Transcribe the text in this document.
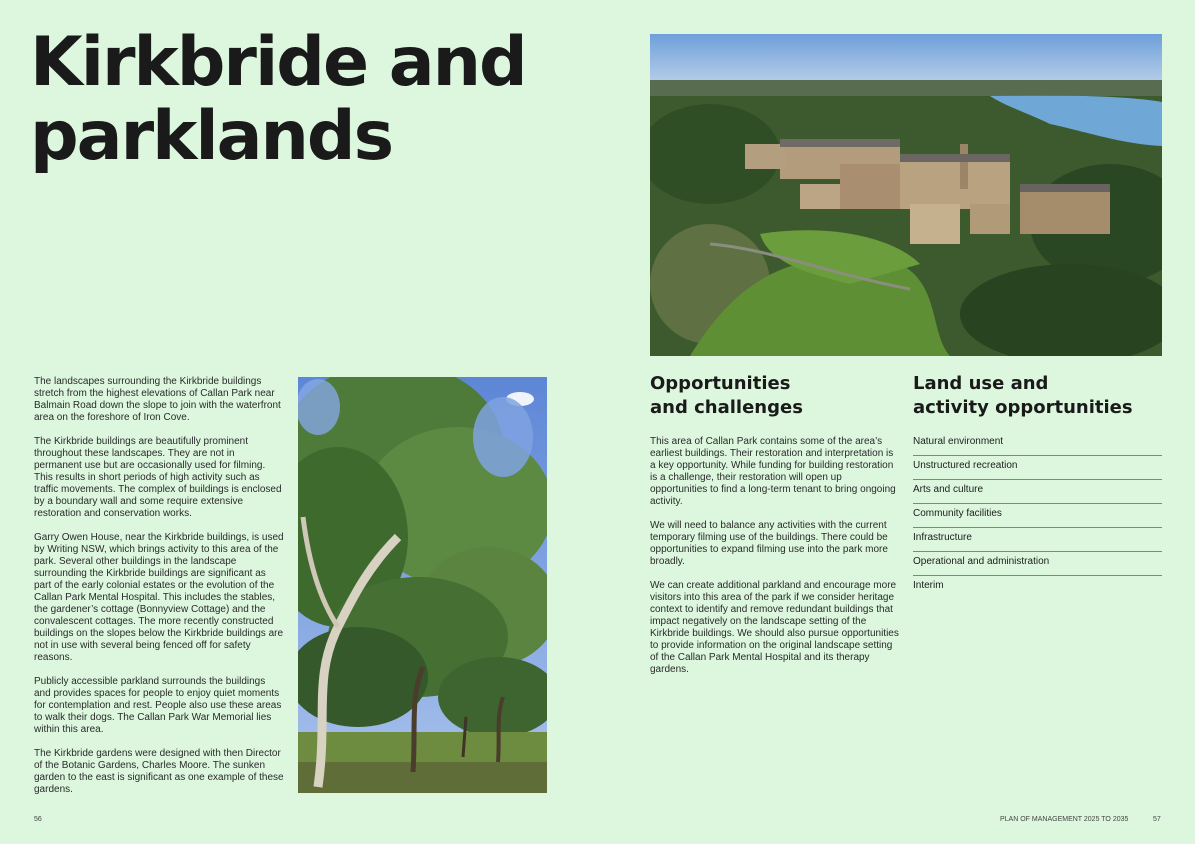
Kirkbride and parklands

The landscapes surrounding the Kirkbride buildings stretch from the highest elevations of Callan Park near Balmain Road down the slope to join with the waterfront area on the foreshore of Iron Cove.

The Kirkbride buildings are beautifully prominent throughout these landscapes. They are not in permanent use but are occasionally used for filming. This results in short periods of high activity such as traffic movements. The complex of buildings is enclosed by a boundary wall and some require extensive restoration and conservation works.

Garry Owen House, near the Kirkbride buildings, is used by Writing NSW, which brings activity to this area of the park. Several other buildings in the landscape surrounding the Kirkbride buildings are significant as part of the early colonial estates or the evolution of the Callan Park Mental Hospital. This includes the stables, the gardener’s cottage (Bonnyview Cottage) and the convalescent cottages. The more recently constructed buildings on the slopes below the Kirkbride buildings are not in use with several being fenced off for safety reasons.

Publicly accessible parkland surrounds the buildings and provides spaces for people to enjoy quiet moments for contemplation and rest. People also use these areas to walk their dogs. The Callan Park War Memorial lies within this area.

The Kirkbride gardens were designed with then Director of the Botanic Gardens, Charles Moore. The sunken garden to the east is significant as one example of these gardens.

Opportunities
and challenges

This area of Callan Park contains some of the area’s earliest buildings. Their restoration and interpretation is a key opportunity. While funding for building restoration is a challenge, their restoration will open up opportunities to find a long-term tenant to bring ongoing activity.

We will need to balance any activities with the current temporary filming use of the buildings. There could be opportunities to expand filming use into the park more broadly.

We can create additional parkland and encourage more visitors into this area of the park if we consider heritage context to identify and remove redundant buildings that impact negatively on the landscape setting of the Kirkbride buildings. We should also pursue opportunities to provide information on the original landscape setting of the Callan Park Mental Hospital and its therapy gardens.

Land use and
activity opportunities
Natural environment
Unstructured recreation
Arts and culture
Community facilities
Infrastructure
Operational and administration
Interim
56	PLAN OF MANAGEMENT 2025 TO 2035	57
